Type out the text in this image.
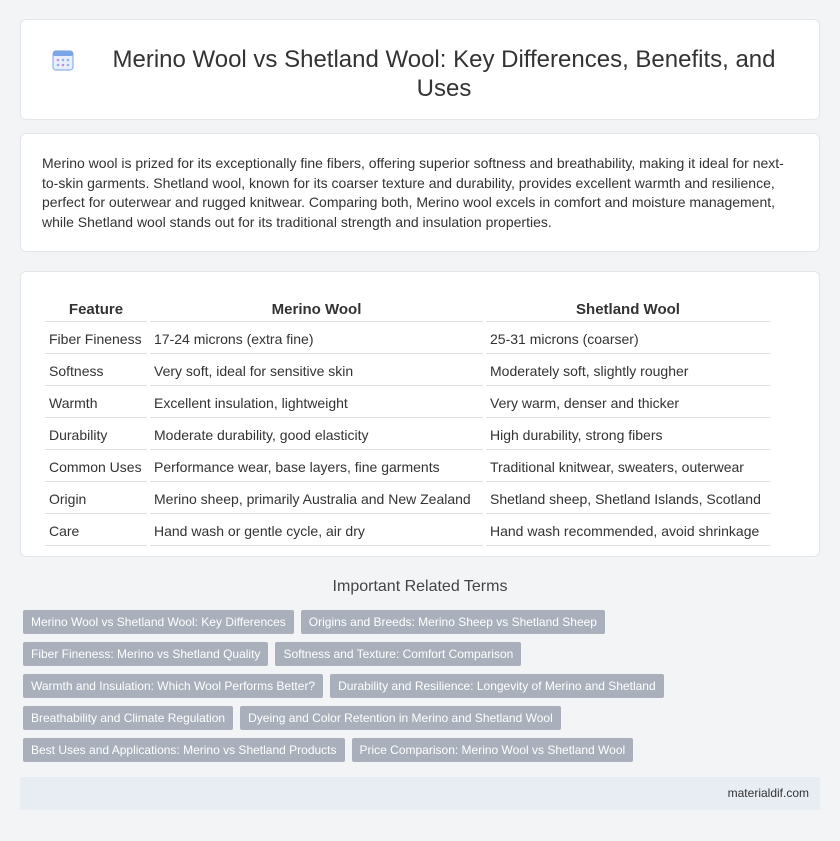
Merino Wool vs Shetland Wool: Key Differences, Benefits, and Uses

Merino wool is prized for its exceptionally fine fibers, offering superior softness and breathability, making it ideal for next-to-skin garments. Shetland wool, known for its coarser texture and durability, provides excellent warmth and resilience, perfect for outerwear and rugged knitwear. Comparing both, Merino wool excels in comfort and moisture management, while Shetland wool stands out for its traditional strength and insulation properties.

Feature	Merino Wool	Shetland Wool
Fiber Fineness	17-24 microns (extra fine)	25-31 microns (coarser)
Softness	Very soft, ideal for sensitive skin	Moderately soft, slightly rougher
Warmth	Excellent insulation, lightweight	Very warm, denser and thicker
Durability	Moderate durability, good elasticity	High durability, strong fibers
Common Uses	Performance wear, base layers, fine garments	Traditional knitwear, sweaters, outerwear
Origin	Merino sheep, primarily Australia and New Zealand	Shetland sheep, Shetland Islands, Scotland
Care	Hand wash or gentle cycle, air dry	Hand wash recommended, avoid shrinkage
Important Related Terms
Merino Wool vs Shetland Wool: Key Differences	Origins and Breeds: Merino Sheep vs Shetland Sheep
Fiber Fineness: Merino vs Shetland Quality	Softness and Texture: Comfort Comparison
Warmth and Insulation: Which Wool Performs Better?	Durability and Resilience: Longevity of Merino and Shetland
Breathability and Climate Regulation	Dyeing and Color Retention in Merino and Shetland Wool
Best Uses and Applications: Merino vs Shetland Products	Price Comparison: Merino Wool vs Shetland Wool
materialdif.com
